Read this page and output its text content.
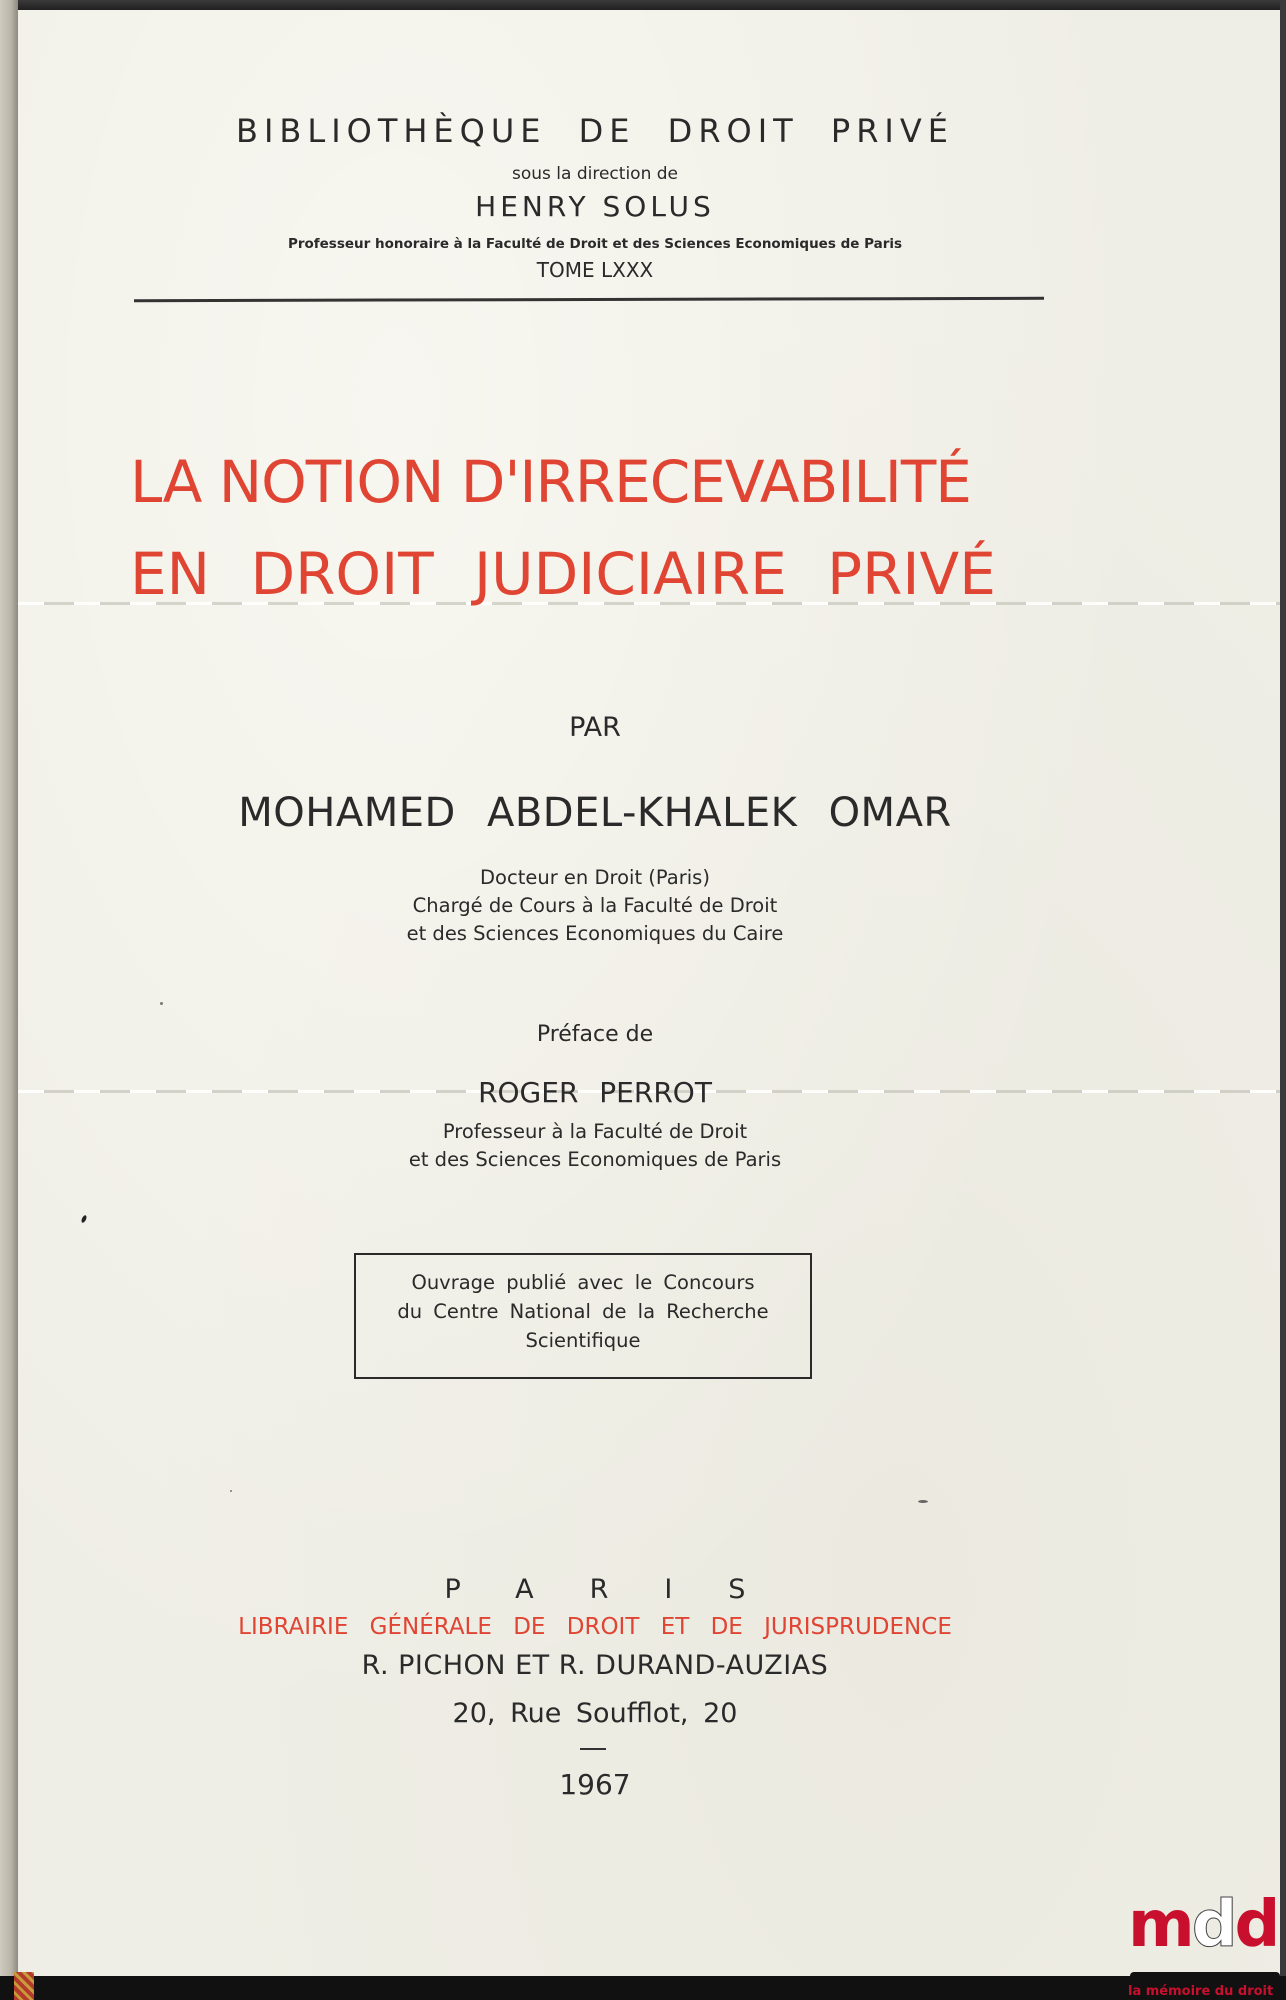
BIBLIOTHÈQUE DE DROIT PRIVÉ
sous la direction de
HENRY SOLUS
Professeur honoraire à la Faculté de Droit et des Sciences Economiques de Paris
TOME LXXX
LA NOTION D'IRRECEVABILITÉ
EN DROIT JUDICIAIRE PRIVÉ
PAR
MOHAMED ABDEL-KHALEK OMAR
Docteur en Droit (Paris)
Chargé de Cours à la Faculté de Droit
et des Sciences Economiques du Caire
Préface de
ROGER PERROT
Professeur à la Faculté de Droit
et des Sciences Economiques de Paris
Ouvrage publié avec le Concours
du Centre National de la Recherche
Scientifique
PARIS
LIBRAIRIE GÉNÉRALE DE DROIT ET DE JURISPRUDENCE
R. PICHON ET R. DURAND-AUZIAS
20, Rue Soufflot, 20
1967
mdd
la mémoire du droit
